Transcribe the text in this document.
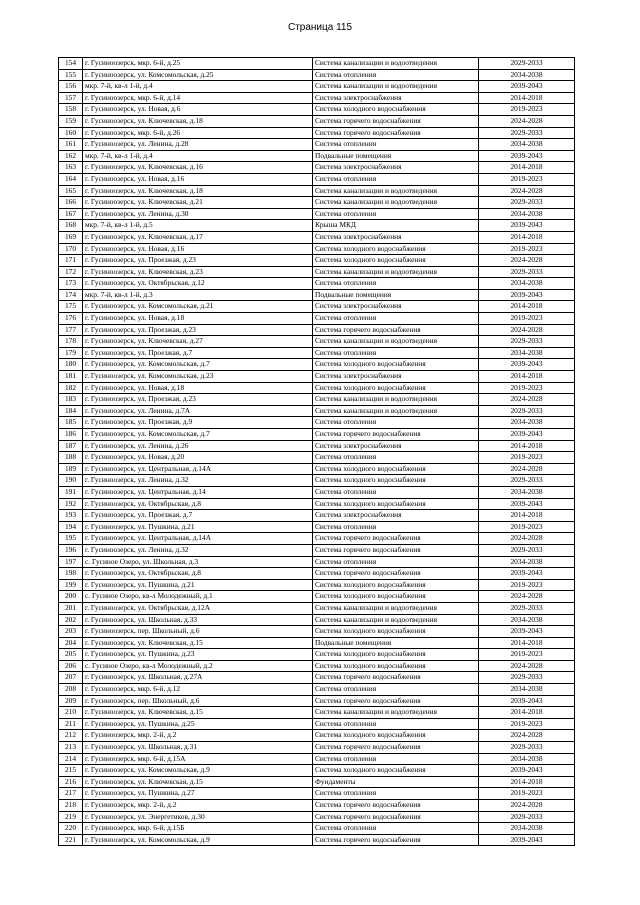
Страница 115
154	г. Гусиноозерск, мкр. 6-й, д.25	Система канализации и водоотведения	2029-2033
155	г. Гусиноозерск, ул. Комсомольская, д.25	Система отопления	2034-2038
156	мкр. 7-й, кв-л 1-й, д.4	Система канализации и водоотведения	2039-2043
157	г. Гусиноозерск, мкр. 6-й, д.14	Система электроснабжения	2014-2018
158	г. Гусиноозерск, ул. Новая, д.6	Система холодного водоснабжения	2019-2023
159	г. Гусиноозерск, ул. Ключевская, д.18	Система горячего водоснабжения	2024-2028
160	г. Гусиноозерск, мкр. 6-й, д.26	Система горячего водоснабжения	2029-2033
161	г. Гусиноозерск, ул. Ленина, д.28	Система отопления	2034-2038
162	мкр. 7-й, кв-л 1-й, д.4	Подвальные помещения	2039-2043
163	г. Гусиноозерск, ул. Ключевская, д.16	Система электроснабжения	2014-2018
164	г. Гусиноозерск, ул. Новая, д.16	Система отопления	2019-2023
165	г. Гусиноозерск, ул. Ключевская, д.18	Система канализации и водоотведения	2024-2028
166	г. Гусиноозерск, ул. Ключевская, д.21	Система канализации и водоотведения	2029-2033
167	г. Гусиноозерск, ул. Ленина, д.30	Система отопления	2034-2038
168	мкр. 7-й, кв-л 1-й, д.5	Крыша МКД	2039-2043
169	г. Гусиноозерск, ул. Ключевская, д.17	Система электроснабжения	2014-2018
170	г. Гусиноозерск, ул. Новая, д.16	Система холодного водоснабжения	2019-2023
171	г. Гусиноозерск, ул. Проезжая, д.23	Система холодного водоснабжения	2024-2028
172	г. Гусиноозерск, ул. Ключевская, д.23	Система канализации и водоотведения	2029-2033
173	г. Гусиноозерск, ул. Октябрьская, д.12	Система отопления	2034-2038
174	мкр. 7-й, кв-л 1-й, д.3	Подвальные помещения	2039-2043
175	г. Гусиноозерск, ул. Комсомольская, д.21	Система электроснабжения	2014-2018
176	г. Гусиноозерск, ул. Новая, д.18	Система отопления	2019-2023
177	г. Гусиноозерск, ул. Проезжая, д.23	Система горячего водоснабжения	2024-2028
178	г. Гусиноозерск, ул. Ключевская, д.27	Система канализации и водоотведения	2029-2033
179	г. Гусиноозерск, ул. Проезжая, д.7	Система отопления	2034-2038
180	г. Гусиноозерск, ул. Комсомольская, д.7	Система холодного водоснабжения	2039-2043
181	г. Гусиноозерск, ул. Комсомольская, д.23	Система электроснабжения	2014-2018
182	г. Гусиноозерск, ул. Новая, д.18	Система холодного водоснабжения	2019-2023
183	г. Гусиноозерск, ул. Проезжая, д.23	Система канализации и водоотведения	2024-2028
184	г. Гусиноозерск, ул. Ленина, д.7А	Система канализации и водоотведения	2029-2033
185	г. Гусиноозерск, ул. Проезжая, д.9	Система отопления	2034-2038
186	г. Гусиноозерск, ул. Комсомольская, д.7	Система горячего водоснабжения	2039-2043
187	г. Гусиноозерск, ул. Ленина, д.26	Система электроснабжения	2014-2018
188	г. Гусиноозерск, ул. Новая, д.20	Система отопления	2019-2023
189	г. Гусиноозерск, ул. Центральная, д.14А	Система холодного водоснабжения	2024-2028
190	г. Гусиноозерск, ул. Ленина, д.32	Система холодного водоснабжения	2029-2033
191	г. Гусиноозерск, ул. Центральная, д.14	Система отопления	2034-2038
192	г. Гусиноозерск, ул. Октябрьская, д.8	Система холодного водоснабжения	2039-2043
193	г. Гусиноозерск, ул. Проезжая, д.7	Система электроснабжения	2014-2018
194	г. Гусиноозерск, ул. Пушкина, д.21	Система отопления	2019-2023
195	г. Гусиноозерск, ул. Центральная, д.14А	Система горячего водоснабжения	2024-2028
196	г. Гусиноозерск, ул. Ленина, д.32	Система горячего водоснабжения	2029-2033
197	с. Гусиное Озеро, ул. Школьная, д.3	Система отопления	2034-2038
198	г. Гусиноозерск, ул. Октябрьская, д.8	Система горячего водоснабжения	2039-2043
199	г. Гусиноозерск, ул. Пушкина, д.21	Система холодного водоснабжения	2019-2023
200	с. Гусиное Озеро, кв-л Молодежный, д.1	Система холодного водоснабжения	2024-2028
201	г. Гусиноозерск, ул. Октябрьская, д.12А	Система канализации и водоотведения	2029-2033
202	г. Гусиноозерск, ул. Школьная, д.33	Система канализации и водоотведения	2034-2038
203	г. Гусиноозерск, пер. Школьный, д.6	Система холодного водоснабжения	2039-2043
204	г. Гусиноозерск, ул. Ключевская, д.15	Подвальные помещения	2014-2018
205	г. Гусиноозерск, ул. Пушкина, д.23	Система холодного водоснабжения	2019-2023
206	с. Гусиное Озеро, кв-л Молодежный, д.2	Система холодного водоснабжения	2024-2028
207	г. Гусиноозерск, ул. Школьная, д.27А	Система горячего водоснабжения	2029-2033
208	г. Гусиноозерск, мкр. 6-й, д.12	Система отопления	2034-2038
209	г. Гусиноозерск, пер. Школьный, д.6	Система горячего водоснабжения	2039-2043
210	г. Гусиноозерск, ул. Ключевская, д.15	Система канализации и водоотведения	2014-2018
211	г. Гусиноозерск, ул. Пушкина, д.25	Система отопления	2019-2023
212	г. Гусиноозерск, мкр. 2-й, д.2	Система холодного водоснабжения	2024-2028
213	г. Гусиноозерск, ул. Школьная, д.31	Система горячего водоснабжения	2029-2033
214	г. Гусиноозерск, мкр. 6-й, д.15А	Система отопления	2034-2038
215	г. Гусиноозерск, ул. Комсомольская, д.9	Система холодного водоснабжения	2039-2043
216	г. Гусиноозерск, ул. Ключевская, д.15	Фундаменты	2014-2018
217	г. Гусиноозерск, ул. Пушкина, д.27	Система отопления	2019-2023
218	г. Гусиноозерск, мкр. 2-й, д.2	Система горячего водоснабжения	2024-2028
219	г. Гусиноозерск, ул. Энергетиков, д.30	Система горячего водоснабжения	2029-2033
220	г. Гусиноозерск, мкр. 6-й, д.15Б	Система отопления	2034-2038
221	г. Гусиноозерск, ул. Комсомольская, д.9	Система горячего водоснабжения	2039-2043
